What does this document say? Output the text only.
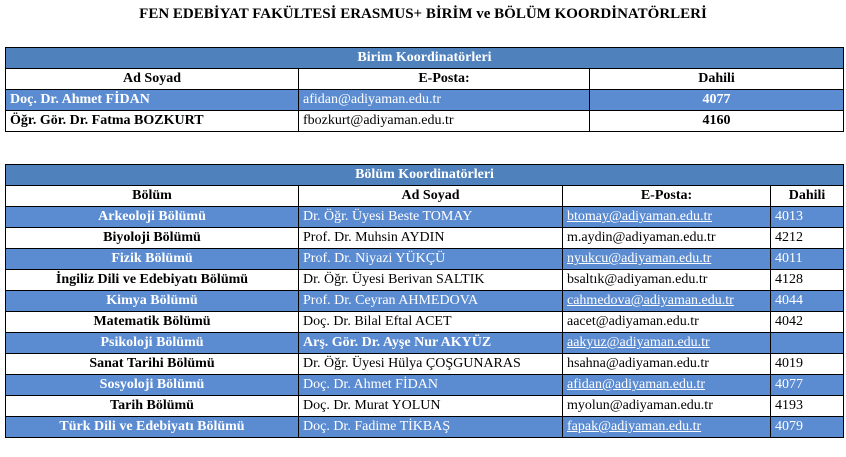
FEN EDEBİYAT FAKÜLTESİ ERASMUS+ BİRİM ve BÖLÜM KOORDİNATÖRLERİ
Birim Koordinatörleri		
Ad Soyad	E-Posta:	Dahili
Doç. Dr. Ahmet FİDAN	afidan@adiyaman.edu.tr	4077
Öğr. Gör. Dr. Fatma BOZKURT	fbozkurt@adiyaman.edu.tr	4160
Bölüm Koordinatörleri			
Bölüm	Ad Soyad	E-Posta:	Dahili
Arkeoloji Bölümü	Dr. Öğr. Üyesi Beste TOMAY	btomay@adiyaman.edu.tr	4013
Biyoloji Bölümü	Prof. Dr. Muhsin AYDIN	m.aydin@adiyaman.edu.tr	4212
Fizik Bölümü	Prof. Dr. Niyazi YÜKÇÜ	nyukcu@adiyaman.edu.tr	4011
İngiliz Dili ve Edebiyatı Bölümü	Dr. Öğr. Üyesi Berivan SALTIK	bsaltık@adiyaman.edu.tr	4128
Kimya Bölümü	Prof. Dr. Ceyran AHMEDOVA	cahmedova@adiyaman.edu.tr	4044
Matematik Bölümü	Doç. Dr. Bilal Eftal ACET	aacet@adiyaman.edu.tr	4042
Psikoloji Bölümü	Arş. Gör. Dr. Ayşe Nur AKYÜZ	aakyuz@adiyaman.edu.tr	
Sanat Tarihi Bölümü	Dr. Öğr. Üyesi Hülya ÇOŞGUNARAS	hsahna@adiyaman.edu.tr	4019
Sosyoloji Bölümü	Doç. Dr. Ahmet FİDAN	afidan@adiyaman.edu.tr	4077
Tarih Bölümü	Doç. Dr. Murat YOLUN	myolun@adiyaman.edu.tr	4193
Türk Dili ve Edebiyatı Bölümü	Doç. Dr. Fadime TİKBAŞ	fapak@adiyaman.edu.tr	4079
